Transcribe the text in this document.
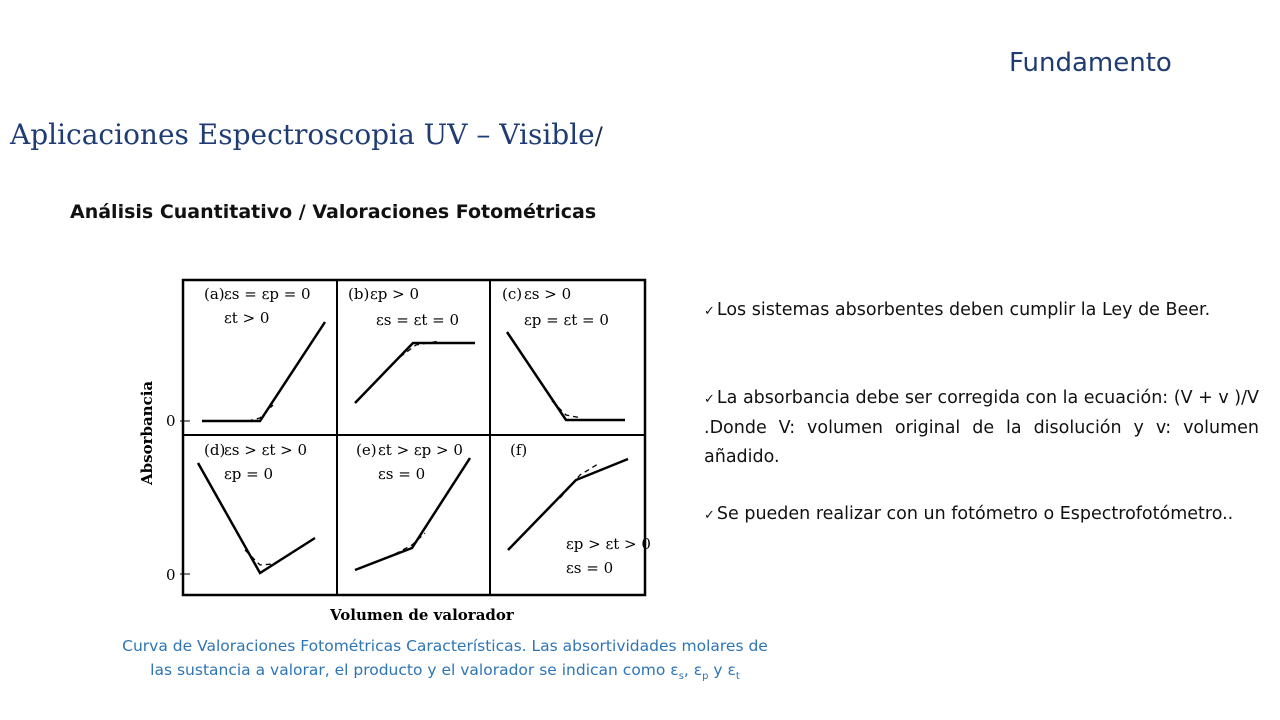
Fundamento
Aplicaciones Espectroscopia UV – Visible/
Análisis Cuantitativo / Valoraciones Fotométricas
Absorbancia
Volumen de valorador
0
0
(a) εs = εp = 0
εt > 0
(b) εp > 0
εs = εt = 0
(c) εs > 0
εp = εt = 0
(d)
εs > εt > 0
εp = 0
(e) εt > εp > 0
εs = 0
(f)
εp > εt > 0
εs = 0
Curva de Valoraciones Fotométricas Características. Las absortividades molares de
las sustancia a valorar, el producto y el valorador se indican como $\varepsilon_s$, $\varepsilon_p$ y $\varepsilon_t$

✓ Los sistemas absorbentes deben cumplir la Ley de Beer.

✓ La absorbancia debe ser corregida con la ecuación: (V + v )/V .Donde V: volumen original de la disolución y v: volumen añadido.

✓ Se pueden realizar con un fotómetro o Espectrofotómetro..
